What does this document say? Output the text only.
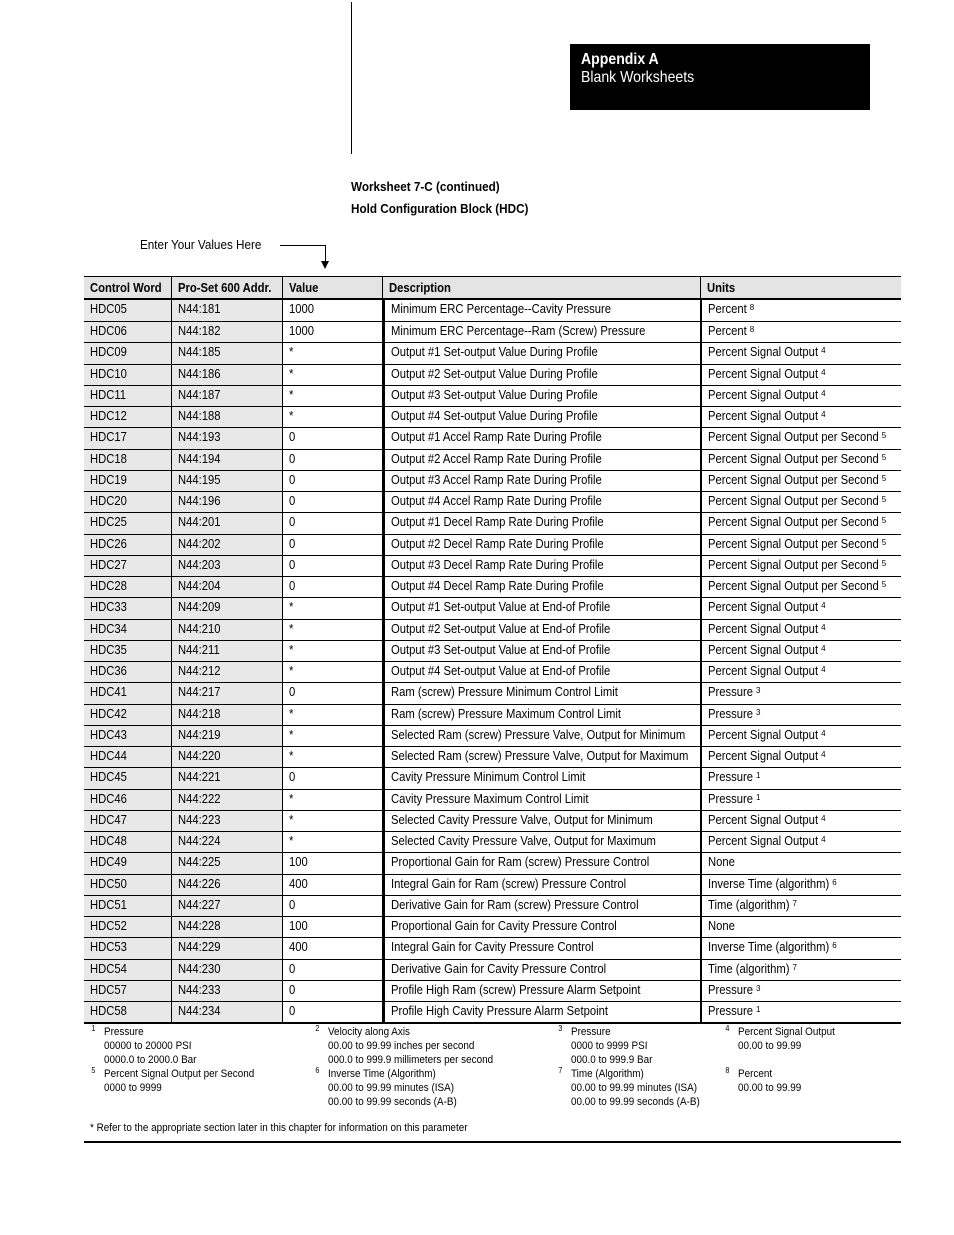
Appendix A
Blank Worksheets
Worksheet 7-C (continued)
Hold Configuration Block (HDC)
Enter Your Values Here
Control Word	Pro-Set 600 Addr.	Value	Description	Units
HDC05	N44:181	1000	Minimum ERC Percentage--Cavity Pressure	Percent 8
HDC06	N44:182	1000	Minimum ERC Percentage--Ram (Screw) Pressure	Percent 8
HDC09	N44:185	*	Output #1 Set-output Value During Profile	Percent Signal Output 4
HDC10	N44:186	*	Output #2 Set-output Value During Profile	Percent Signal Output 4
HDC11	N44:187	*	Output #3 Set-output Value During Profile	Percent Signal Output 4
HDC12	N44:188	*	Output #4 Set-output Value During Profile	Percent Signal Output 4
HDC17	N44:193	0	Output #1 Accel Ramp Rate During Profile	Percent Signal Output per Second 5
HDC18	N44:194	0	Output #2 Accel Ramp Rate During Profile	Percent Signal Output per Second 5
HDC19	N44:195	0	Output #3 Accel Ramp Rate During Profile	Percent Signal Output per Second 5
HDC20	N44:196	0	Output #4 Accel Ramp Rate During Profile	Percent Signal Output per Second 5
HDC25	N44:201	0	Output #1 Decel Ramp Rate During Profile	Percent Signal Output per Second 5
HDC26	N44:202	0	Output #2 Decel Ramp Rate During Profile	Percent Signal Output per Second 5
HDC27	N44:203	0	Output #3 Decel Ramp Rate During Profile	Percent Signal Output per Second 5
HDC28	N44:204	0	Output #4 Decel Ramp Rate During Profile	Percent Signal Output per Second 5
HDC33	N44:209	*	Output #1 Set-output Value at End-of Profile	Percent Signal Output 4
HDC34	N44:210	*	Output #2 Set-output Value at End-of Profile	Percent Signal Output 4
HDC35	N44:211	*	Output #3 Set-output Value at End-of Profile	Percent Signal Output 4
HDC36	N44:212	*	Output #4 Set-output Value at End-of Profile	Percent Signal Output 4
HDC41	N44:217	0	Ram (screw) Pressure Minimum Control Limit	Pressure 3
HDC42	N44:218	*	Ram (screw) Pressure Maximum Control Limit	Pressure 3
HDC43	N44:219	*	Selected Ram (screw) Pressure Valve, Output for Minimum	Percent Signal Output 4
HDC44	N44:220	*	Selected Ram (screw) Pressure Valve, Output for Maximum	Percent Signal Output 4
HDC45	N44:221	0	Cavity Pressure Minimum Control Limit	Pressure 1
HDC46	N44:222	*	Cavity Pressure Maximum Control Limit	Pressure 1
HDC47	N44:223	*	Selected Cavity Pressure Valve, Output for Minimum	Percent Signal Output 4
HDC48	N44:224	*	Selected Cavity Pressure Valve, Output for Maximum	Percent Signal Output 4
HDC49	N44:225	100	Proportional Gain for Ram (screw) Pressure Control	None
HDC50	N44:226	400	Integral Gain for Ram (screw) Pressure Control	Inverse Time (algorithm) 6
HDC51	N44:227	0	Derivative Gain for Ram (screw) Pressure Control	Time (algorithm) 7
HDC52	N44:228	100	Proportional Gain for Cavity Pressure Control	None
HDC53	N44:229	400	Integral Gain for Cavity Pressure Control	Inverse Time (algorithm) 6
HDC54	N44:230	0	Derivative Gain for Cavity Pressure Control	Time (algorithm) 7
HDC57	N44:233	0	Profile High Ram (screw) Pressure Alarm Setpoint	Pressure 3
HDC58	N44:234	0	Profile High Cavity Pressure Alarm Setpoint	Pressure 1
1 Pressure
00000 to 20000 PSI
0000.0 to 2000.0 Bar
2 Velocity along Axis
00.00 to 99.99 inches per second
000.0 to 999.9 millimeters per second
3 Pressure
0000 to 9999 PSI
000.0 to 999.9 Bar
4 Percent Signal Output
00.00 to 99.99
5 Percent Signal Output per Second
0000 to 9999
6 Inverse Time (Algorithm)
00.00 to 99.99 minutes (ISA)
00.00 to 99.99 seconds (A-B)
7 Time (Algorithm)
00.00 to 99.99 minutes (ISA)
00.00 to 99.99 seconds (A-B)
8 Percent
00.00 to 99.99
* Refer to the appropriate section later in this chapter for information on this parameter
